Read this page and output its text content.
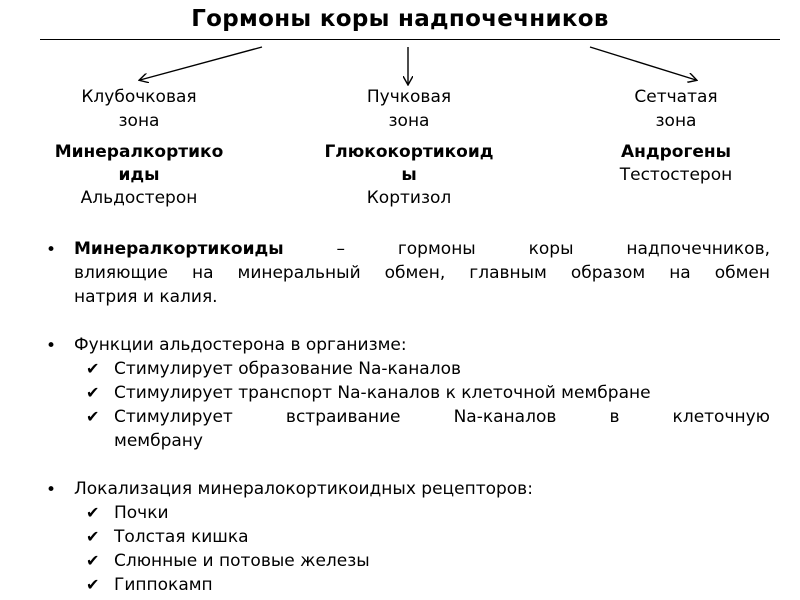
Гормоны коры надпочечников
Клубочковая
зона
Минералкортико
иды
Альдостерон
Пучковая
зона
Глюкокортикоид
ы
Кортизол
Сетчатая
зона
Андрогены
Тестостерон
• Минералкортикоиды – гормоны коры надпочечников,
влияющие на минеральный обмен, главным образом на обмен
натрия и калия.
• Функции альдостерона в организме:
✔ Стимулирует образование Na-каналов
✔ Стимулирует транспорт Na-каналов к клеточной мембране
✔ Стимулирует встраивание Na-каналов в клеточную
мембрану
• Локализация минералокортикоидных рецепторов:
✔ Почки
✔ Толстая кишка
✔ Слюнные и потовые железы
✔ Гиппокамп
